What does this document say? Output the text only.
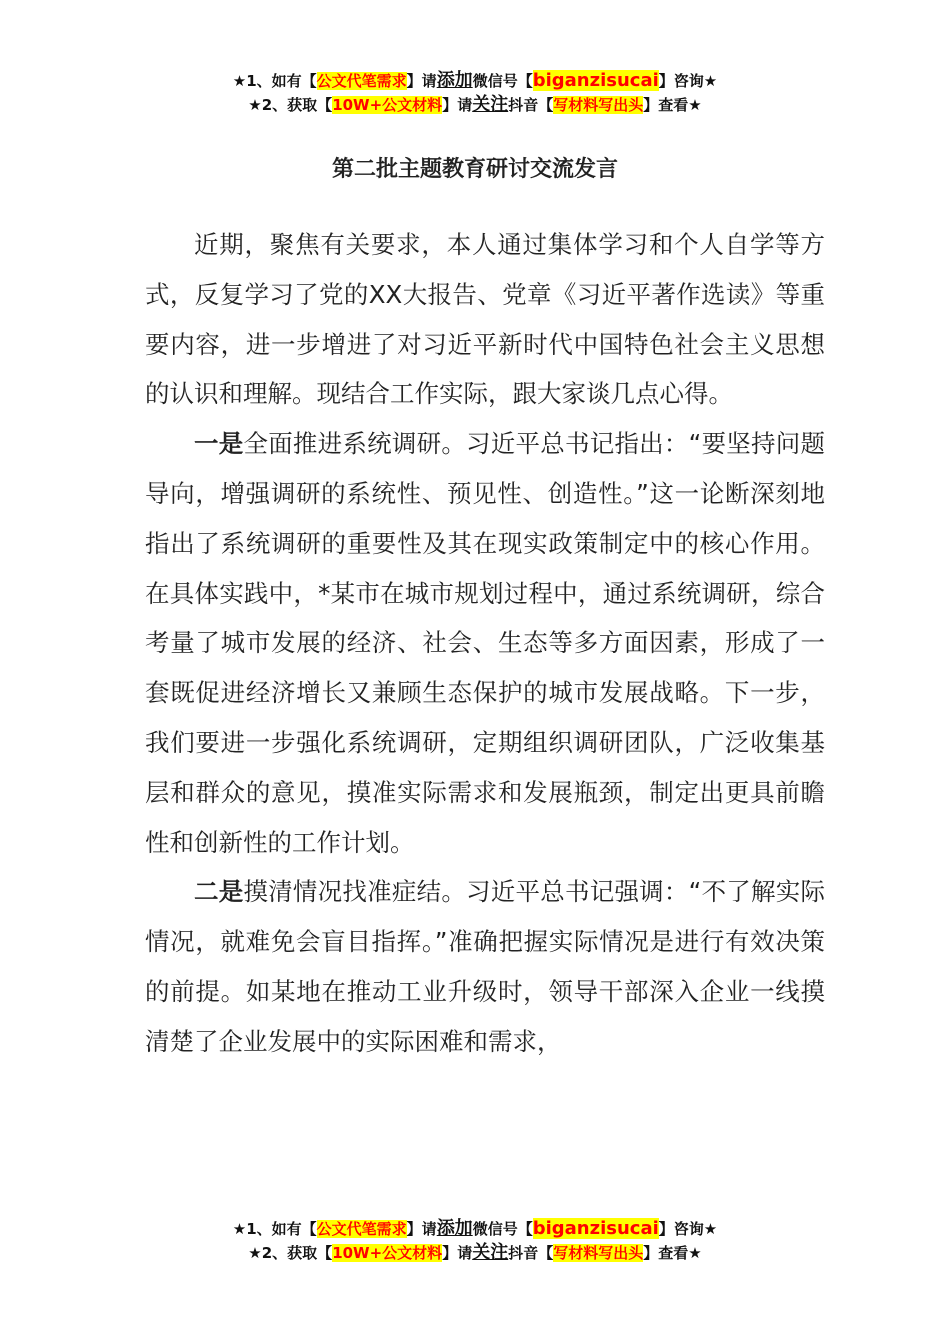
★1、如有【公文代笔需求】请添加微信号【biganzisucai】咨询★
★2、获取【10W+公文材料】请关注抖音【写材料写出头】查看★
第二批主题教育研讨交流发言

近期，聚焦有关要求，本人通过集体学习和个人自学等方式，反复学习了党的XX大报告、党章《习近平著作选读》等重要内容，进一步增进了对习近平新时代中国特色社会主义思想的认识和理解。现结合工作实际，跟大家谈几点心得。

一是全面推进系统调研。习近平总书记指出：“要坚持问题导向，增强调研的系统性、预见性、创造性。”这一论断深刻地指出了系统调研的重要性及其在现实政策制定中的核心作用。在具体实践中，*某市在城市规划过程中，通过系统调研，综合考量了城市发展的经济、社会、生态等多方面因素，形成了一套既促进经济增长又兼顾生态保护的城市发展战略。下一步，我们要进一步强化系统调研，定期组织调研团队，广泛收集基层和群众的意见，摸准实际需求和发展瓶颈，制定出更具前瞻性和创新性的工作计划。

二是摸清情况找准症结。习近平总书记强调：“不了解实际情况，就难免会盲目指挥。”准确把握实际情况是进行有效决策的前提。如某地在推动工业升级时，领导干部深入企业一线摸清楚了企业发展中的实际困难和需求，

★1、如有【公文代笔需求】请添加微信号【biganzisucai】咨询★
★2、获取【10W+公文材料】请关注抖音【写材料写出头】查看★
